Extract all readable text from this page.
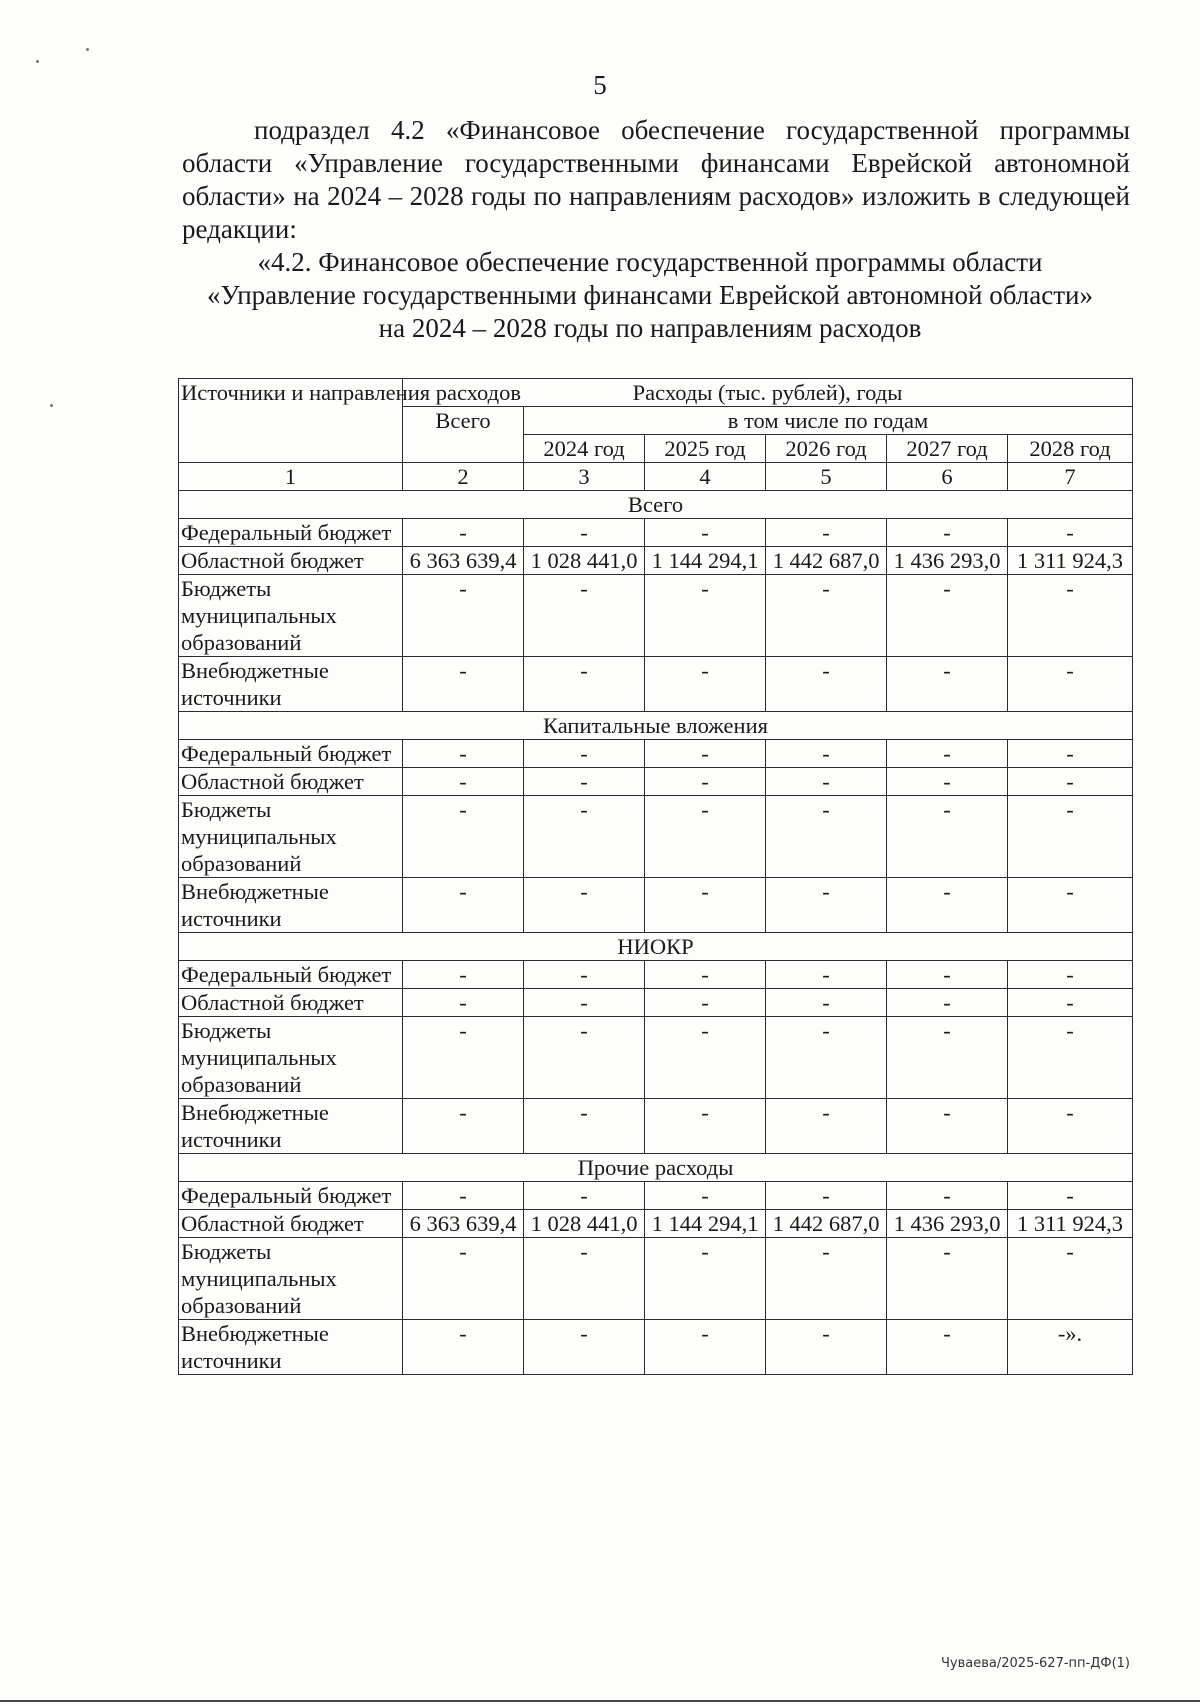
5

подраздел 4.2 «Финансовое обеспечение государственной программы области «Управление государственными финансами Еврейской автономной области» на 2024 – 2028 годы по направлениям расходов» изложить в следующей редакции:

«4.2. Финансовое обеспечение государственной программы области
«Управление государственными финансами Еврейской автономной области»
на 2024 – 2028 годы по направлениям расходов
Источники и направления расходов	Расходы (тыс. рублей), годы					
	Всего	в том числе по годам				
		2024 год	2025 год	2026 год	2027 год	2028 год
1	2	3	4	5	6	7
Всего						
Федеральный бюджет	-	-	-	-	-	-
Областной бюджет	6 363 639,4	1 028 441,0	1 144 294,1	1 442 687,0	1 436 293,0	1 311 924,3
Бюджеты муниципальных образований	-	-	-	-	-	-
Внебюджетные источники	-	-	-	-	-	-
Капитальные вложения						
Федеральный бюджет	-	-	-	-	-	-
Областной бюджет	-	-	-	-	-	-
Бюджеты муниципальных образований	-	-	-	-	-	-
Внебюджетные источники	-	-	-	-	-	-
НИОКР						
Федеральный бюджет	-	-	-	-	-	-
Областной бюджет	-	-	-	-	-	-
Бюджеты муниципальных образований	-	-	-	-	-	-
Внебюджетные источники	-	-	-	-	-	-
Прочие расходы						
Федеральный бюджет	-	-	-	-	-	-
Областной бюджет	6 363 639,4	1 028 441,0	1 144 294,1	1 442 687,0	1 436 293,0	1 311 924,3
Бюджеты муниципальных образований	-	-	-	-	-	-
Внебюджетные источники	-	-	-	-	-	-».
Чуваева/2025-627-пп-ДФ(1)
